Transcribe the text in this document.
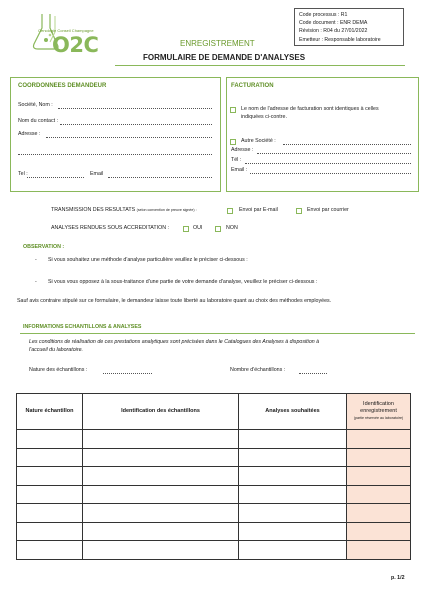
O2C
Oenologie Conseil Champagne
ENREGISTREMENT
FORMULAIRE DE DEMANDE D'ANALYSES
Code processus : R1
Code document : ENR DEMA
Révision : R04 du 27/01/2022
Emetteur : Responsable laboratoire
COORDONNEES DEMANDEUR
Société, Nom :
Nom du contact :
Adresse :
Tel :	Email
FACTURATION
Le nom de l'adresse de facturation sont identiques à celles
indiquées ci-contre.
Autre Société :
Adresse :
Tél :
Email :
TRANSMISSION DES RESULTATS (selon convention de preuve signée) :	Envoi par E-mail	Envoi par courrier
ANALYSES RENDUES SOUS ACCREDITATION :	OUI	NON
OBSERVATION :
- Si vous souhaitez une méthode d'analyse particulière veuillez le préciser ci-dessous :
- Si vous vous opposez à la sous-traitance d'une partie de votre demande d'analyse, veuillez le préciser ci-dessous :
Sauf avis contraire stipulé sur ce formulaire, le demandeur laisse toute liberté au laboratoire quant au choix des méthodes employées.
INFORMATIONS ECHANTILLONS & ANALYSES
Les conditions de réalisation de ces prestations analytiques sont précisées dans le Catalogues des Analyses à disposition à
l'accueil du laboratoire.
Nature des échantillons :	Nombre d'échantillons :
Nature échantillon	Identification des échantillons	Analyses souhaitées	Identification enregistrement
(partie réservée au laboratoire)

p. 1/2
